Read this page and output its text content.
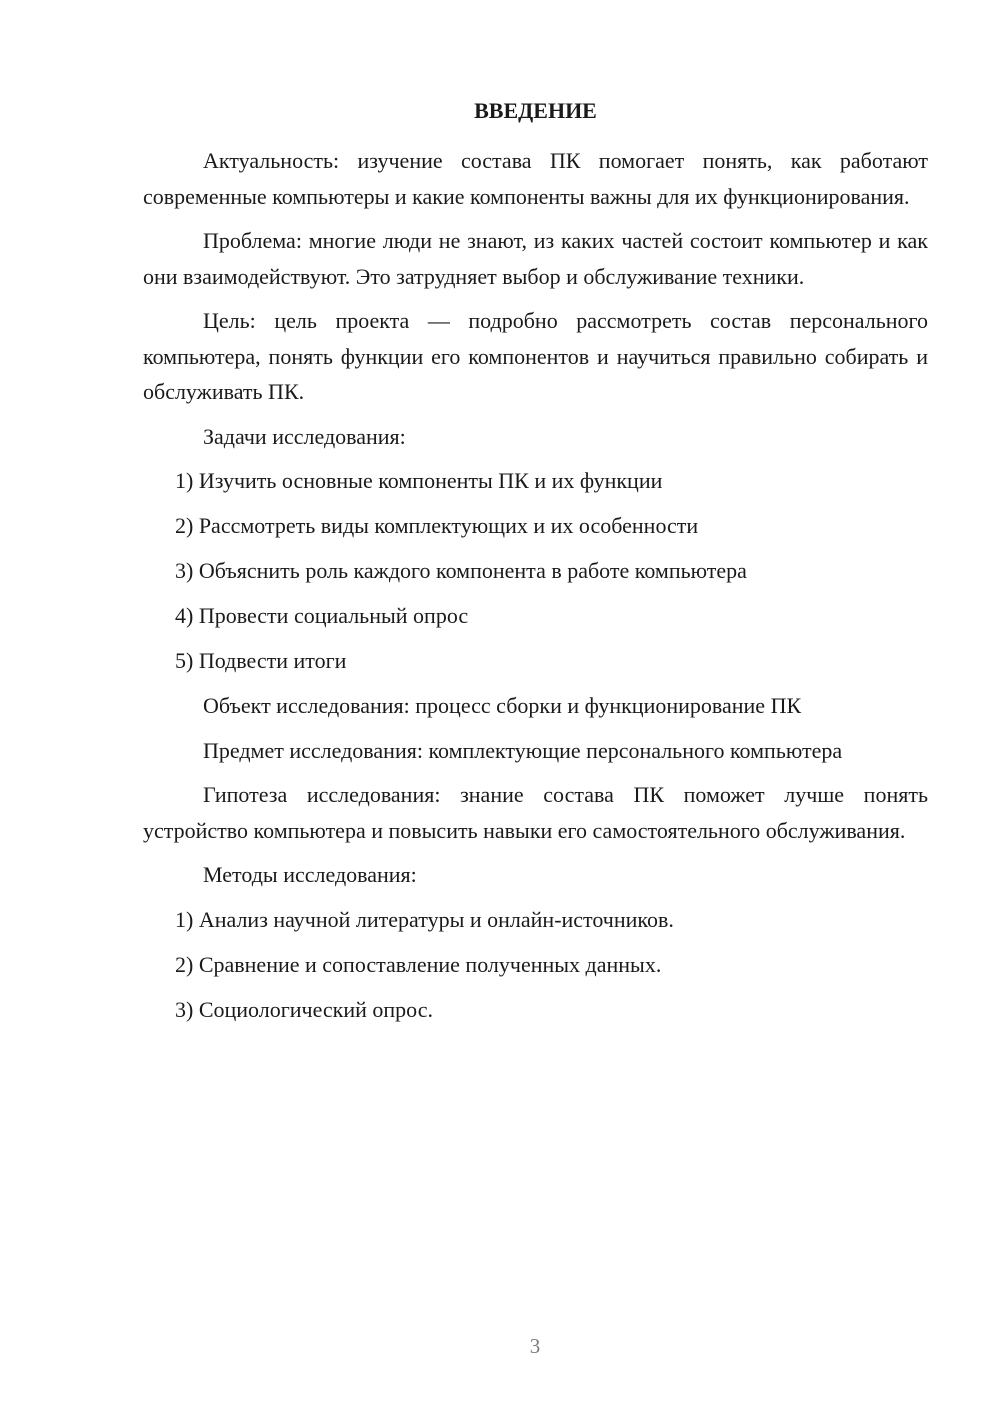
ВВЕДЕНИЕ

Актуальность: изучение состава ПК помогает понять, как работают современные компьютеры и какие компоненты важны для их функционирования.

Проблема: многие люди не знают, из каких частей состоит компьютер и как они взаимодействуют. Это затрудняет выбор и обслуживание техники.

Цель: цель проекта — подробно рассмотреть состав персонального компьютера, понять функции его компонентов и научиться правильно собирать и обслуживать ПК.

Задачи исследования:

1) Изучить основные компоненты ПК и их функции

2) Рассмотреть виды комплектующих и их особенности

3) Объяснить роль каждого компонента в работе компьютера

4) Провести социальный опрос

5) Подвести итоги

Объект исследования: процесс сборки и функционирование ПК

Предмет исследования: комплектующие персонального компьютера

Гипотеза исследования: знание состава ПК поможет лучше понять устройство компьютера и повысить навыки его самостоятельного обслуживания.

Методы исследования:

1) Анализ научной литературы и онлайн-источников.

2) Сравнение и сопоставление полученных данных.

3) Социологический опрос.

3
